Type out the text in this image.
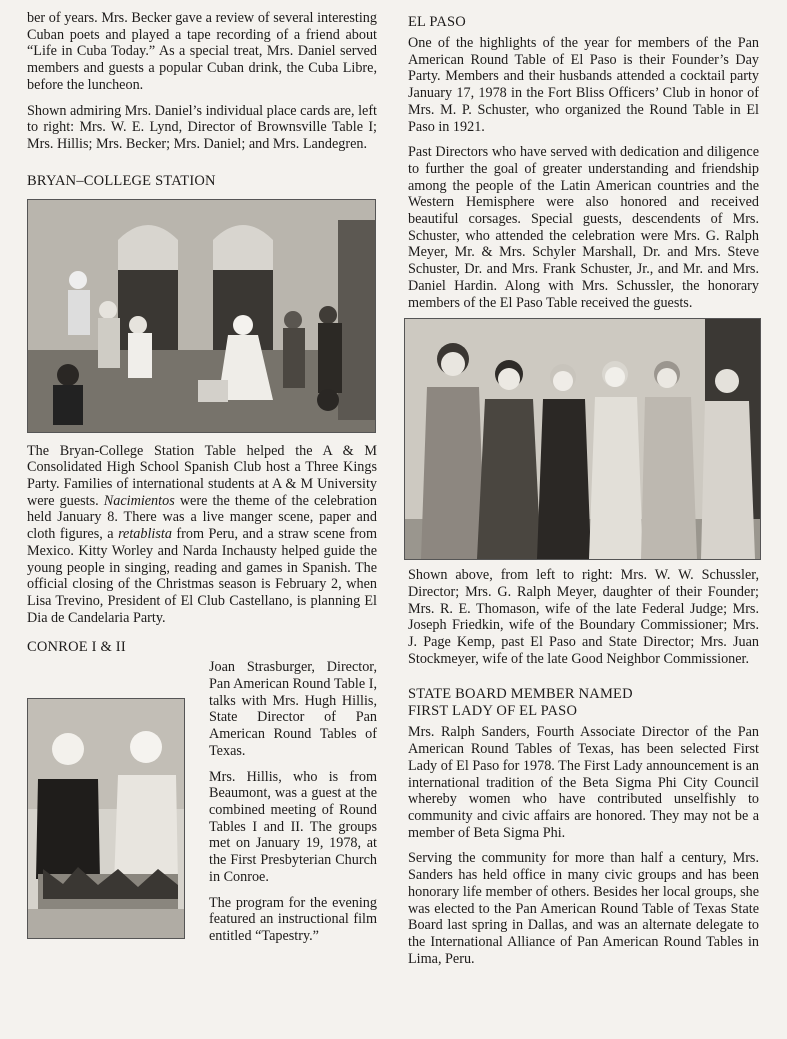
ber of years. Mrs. Becker gave a review of several interesting Cuban poets and played a tape recording of a friend about “Life in Cuba Today.” As a special treat, Mrs. Daniel served members and guests a popular Cuban drink, the Cuba Libre, before the luncheon.

Shown admiring Mrs. Daniel’s individual place cards are, left to right: Mrs. W. E. Lynd, Director of Brownsville Table I; Mrs. Hillis; Mrs. Becker; Mrs. Daniel; and Mrs. Landegren.

BRYAN–COLLEGE STATION

The Bryan-College Station Table helped the A & M Consolidated High School Spanish Club host a Three Kings Party. Families of international students at A & M University were guests. Nacimientos were the theme of the celebration held January 8. There was a live manger scene, paper and cloth figures, a retablista from Peru, and a straw scene from Mexico. Kitty Worley and Narda Inchausty helped guide the young people in singing, reading and games in Spanish. The official closing of the Christmas season is February 2, when Lisa Trevino, President of El Club Castellano, is planning El Dia de Candelaria Party.

CONROE I & II

Joan Strasburger, Director, Pan American Round Table I, talks with Mrs. Hugh Hillis, State Director of Pan American Round Tables of Texas.

Mrs. Hillis, who is from Beaumont, was a guest at the combined meeting of Round Tables I and II. The groups met on January 19, 1978, at the First Presbyterian Church in Conroe.

The program for the evening featured an instructional film entitled “Tapestry.”

EL PASO

One of the highlights of the year for members of the Pan American Round Table of El Paso is their Founder’s Day Party. Members and their husbands attended a cocktail party January 17, 1978 in the Fort Bliss Officers’ Club in honor of Mrs. M. P. Schuster, who organized the Round Table in El Paso in 1921.

Past Directors who have served with dedication and diligence to further the goal of greater understanding and friendship among the people of the Latin American countries and the Western Hemisphere were also honored and received beautiful corsages. Special guests, descendents of Mrs. Schuster, who attended the celebration were Mrs. G. Ralph Meyer, Mr. & Mrs. Schyler Marshall, Dr. and Mrs. Steve Schuster, Dr. and Mrs. Frank Schuster, Jr., and Mr. and Mrs. Daniel Hardin. Along with Mrs. Schussler, the honorary members of the El Paso Table received the guests.

Shown above, from left to right: Mrs. W. W. Schussler, Director; Mrs. G. Ralph Meyer, daughter of their Founder; Mrs. R. E. Thomason, wife of the late Federal Judge; Mrs. Joseph Friedkin, wife of the Boundary Commissioner; Mrs. J. Page Kemp, past El Paso and State Director; Mrs. Juan Stockmeyer, wife of the late Good Neighbor Commissioner.

STATE BOARD MEMBER NAMED
FIRST LADY OF EL PASO

Mrs. Ralph Sanders, Fourth Associate Director of the Pan American Round Tables of Texas, has been selected First Lady of El Paso for 1978. The First Lady announcement is an international tradition of the Beta Sigma Phi City Council whereby women who have contributed unselfishly to community and civic affairs are honored. They may not be a member of Beta Sigma Phi.

Serving the community for more than half a century, Mrs. Sanders has held office in many civic groups and has been honorary life member of others. Besides her local groups, she was elected to the Pan American Round Table of Texas State Board last spring in Dallas, and was an alternate delegate to the International Alliance of Pan American Round Tables in Lima, Peru.
